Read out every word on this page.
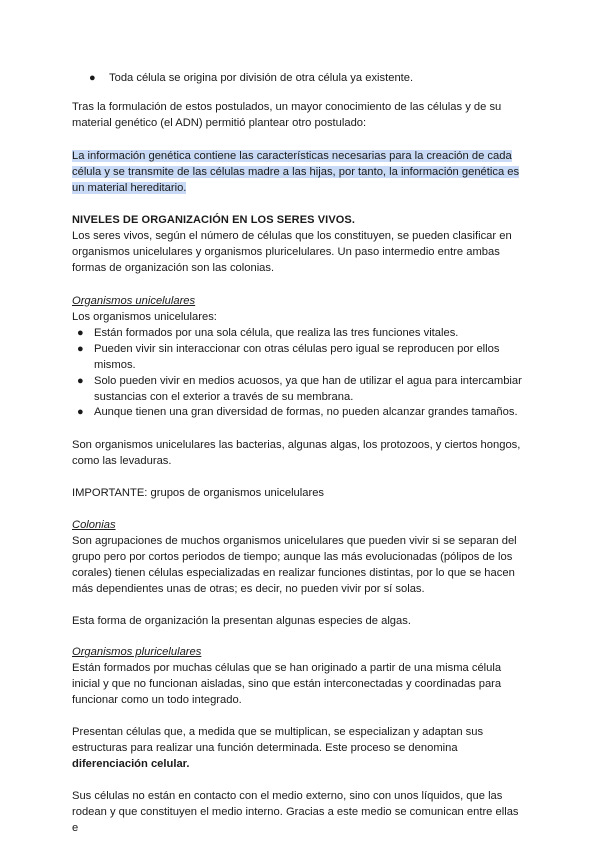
● Toda célula se origina por división de otra célula ya existente.

Tras la formulación de estos postulados, un mayor conocimiento de las células y de su material genético (el ADN) permitió plantear otro postulado:

La información genética contiene las características necesarias para la creación de cada célula y se transmite de las células madre a las hijas, por tanto, la información genética es un material hereditario.

NIVELES DE ORGANIZACIÓN EN LOS SERES VIVOS.

Los seres vivos, según el número de células que los constituyen, se pueden clasificar en organismos unicelulares y organismos pluricelulares. Un paso intermedio entre ambas formas de organización son las colonias.

Organismos unicelulares

Los organismos unicelulares:

● Están formados por una sola célula, que realiza las tres funciones vitales.
● Pueden vivir sin interaccionar con otras células pero igual se reproducen por ellos mismos.
● Solo pueden vivir en medios acuosos, ya que han de utilizar el agua para intercambiar sustancias con el exterior a través de su membrana.
● Aunque tienen una gran diversidad de formas, no pueden alcanzar grandes tamaños.

Son organismos unicelulares las bacterias, algunas algas, los protozoos, y ciertos hongos, como las levaduras.

IMPORTANTE: grupos de organismos unicelulares

Colonias

Son agrupaciones de muchos organismos unicelulares que pueden vivir si se separan del grupo pero por cortos periodos de tiempo; aunque las más evolucionadas (pólipos de los corales) tienen células especializadas en realizar funciones distintas, por lo que se hacen más dependientes unas de otras; es decir, no pueden vivir por sí solas.

Esta forma de organización la presentan algunas especies de algas.

Organismos pluricelulares

Están formados por muchas células que se han originado a partir de una misma célula inicial y que no funcionan aisladas, sino que están interconectadas y coordinadas para funcionar como un todo integrado.

Presentan células que, a medida que se multiplican, se especializan y adaptan sus estructuras para realizar una función determinada. Este proceso se denomina diferenciación celular.

Sus células no están en contacto con el medio externo, sino con unos líquidos, que las rodean y que constituyen el medio interno. Gracias a este medio se comunican entre ellas e
